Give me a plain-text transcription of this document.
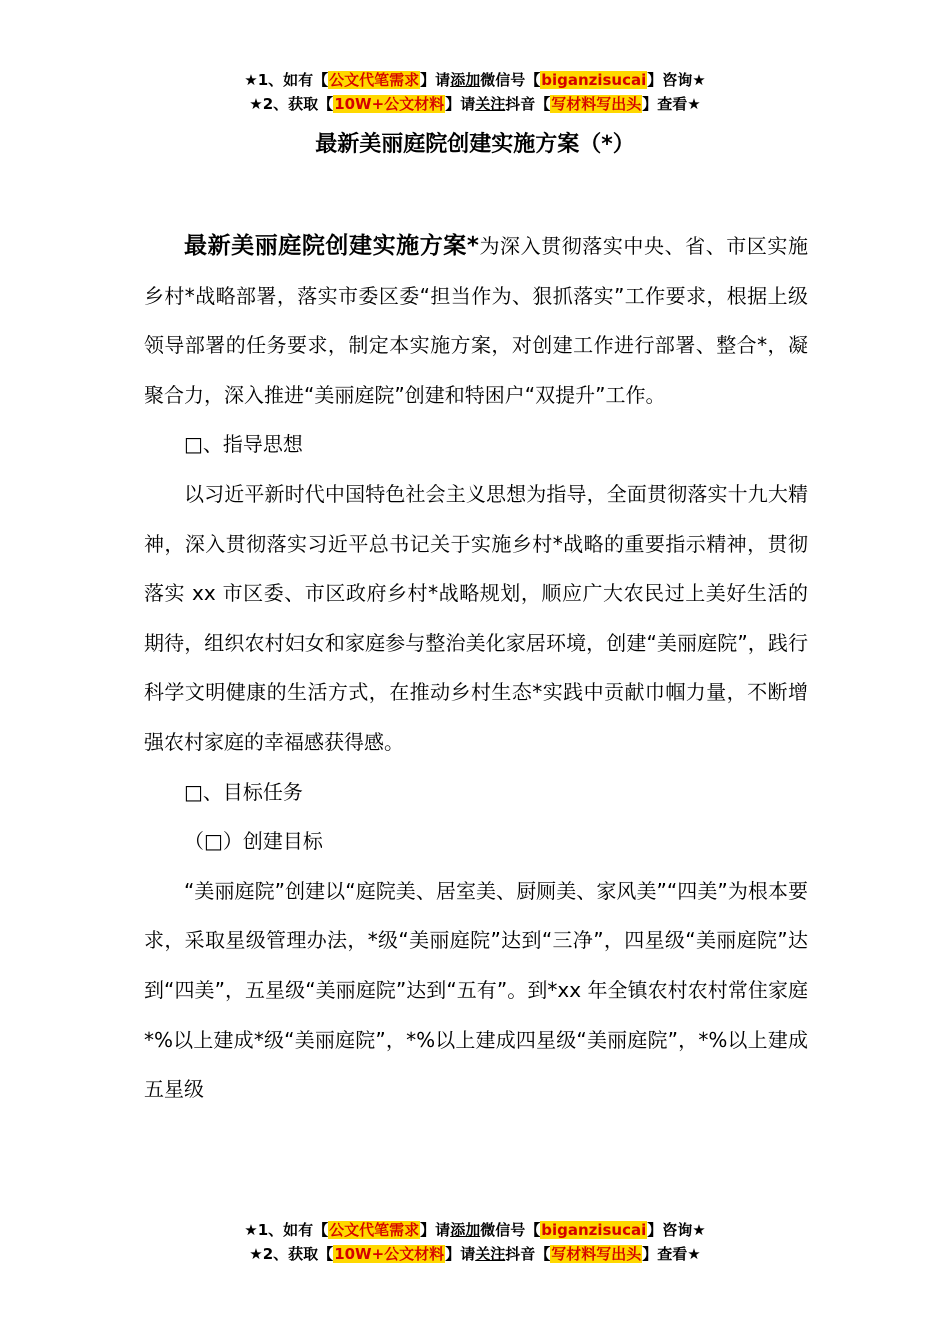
★1、如有【公文代笔需求】请添加微信号【biganzisucai】咨询★
★2、获取【10W+公文材料】请关注抖音【写材料写出头】查看★
最新美丽庭院创建实施方案（*）

最新美丽庭院创建实施方案*为深入贯彻落实中央、省、市区实施乡村*战略部署，落实市委区委“担当作为、狠抓落实”工作要求，根据上级领导部署的任务要求，制定本实施方案，对创建工作进行部署、整合*，凝聚合力，深入推进“美丽庭院”创建和特困户“双提升”工作。

□、指导思想

以习近平新时代中国特色社会主义思想为指导，全面贯彻落实十九大精神，深入贯彻落实习近平总书记关于实施乡村*战略的重要指示精神，贯彻落实 xx 市区委、市区政府乡村*战略规划，顺应广大农民过上美好生活的期待，组织农村妇女和家庭参与整治美化家居环境，创建“美丽庭院”，践行科学文明健康的生活方式，在推动乡村生态*实践中贡献巾帼力量，不断增强农村家庭的幸福感获得感。

□、目标任务

（□）创建目标

“美丽庭院”创建以“庭院美、居室美、厨厕美、家风美”“四美”为根本要求，采取星级管理办法，*级“美丽庭院”达到“三净”，四星级“美丽庭院”达到“四美”，五星级“美丽庭院”达到“五有”。到*xx 年全镇农村农村常住家庭*%以上建成*级“美丽庭院”，*%以上建成四星级“美丽庭院”，*%以上建成五星级

★1、如有【公文代笔需求】请添加微信号【biganzisucai】咨询★
★2、获取【10W+公文材料】请关注抖音【写材料写出头】查看★
